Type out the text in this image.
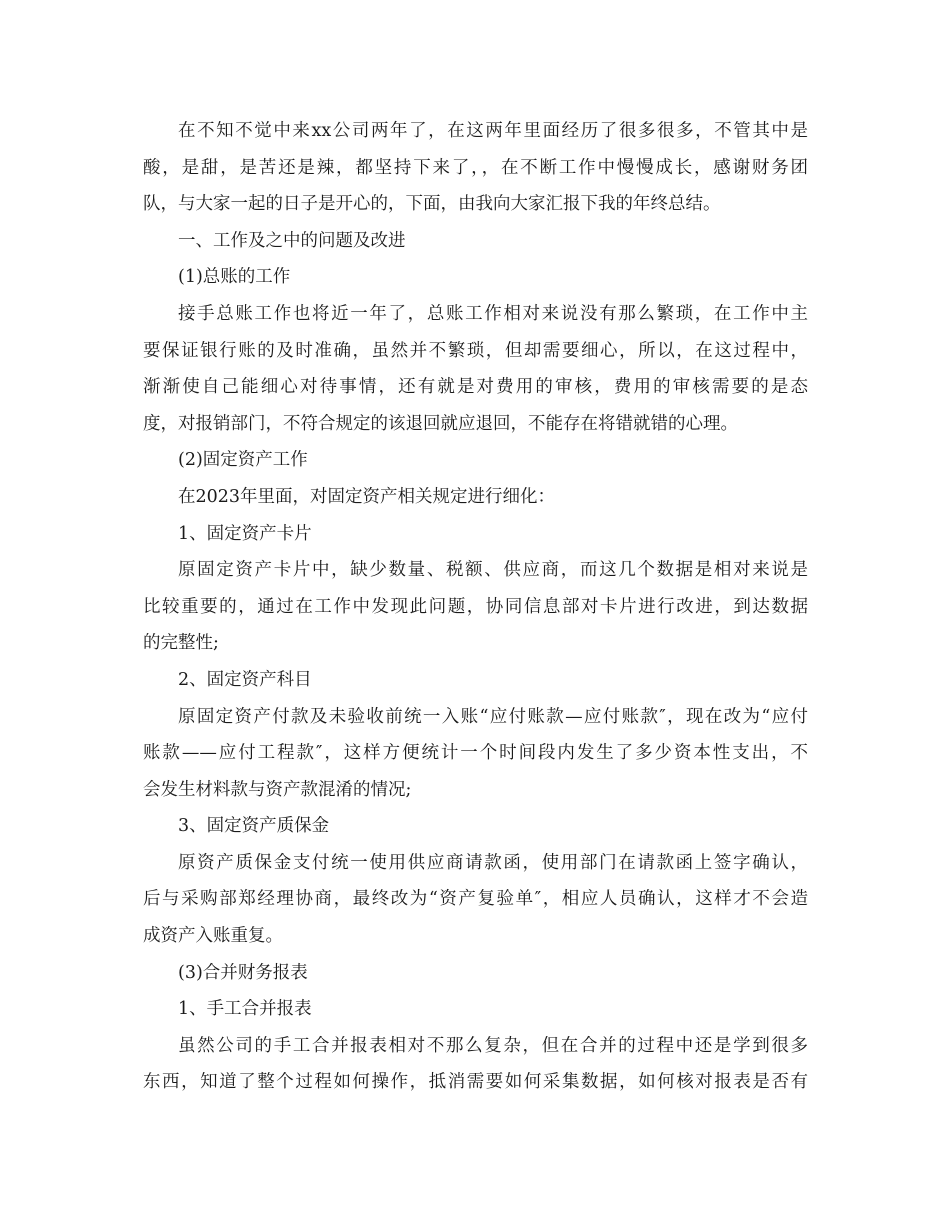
在不知不觉中来xx公司两年了，在这两年里面经历了很多很多，不管其中是
酸，是甜，是苦还是辣，都坚持下来了，，在不断工作中慢慢成长，感谢财务团
队，与大家一起的日子是开心的，下面，由我向大家汇报下我的年终总结。
一、工作及之中的问题及改进
(1)总账的工作
接手总账工作也将近一年了，总账工作相对来说没有那么繁琐，在工作中主
要保证银行账的及时准确，虽然并不繁琐，但却需要细心，所以，在这过程中，
渐渐使自己能细心对待事情，还有就是对费用的审核，费用的审核需要的是态
度，对报销部门，不符合规定的该退回就应退回，不能存在将错就错的心理。
(2)固定资产工作
在2023年里面，对固定资产相关规定进行细化：
1、固定资产卡片
原固定资产卡片中，缺少数量、税额、供应商，而这几个数据是相对来说是
比较重要的，通过在工作中发现此问题，协同信息部对卡片进行改进，到达数据
的完整性;
2、固定资产科目
原固定资产付款及未验收前统一入账“应付账款—应付账款″，现在改为“应付
账款——应付工程款″，这样方便统计一个时间段内发生了多少资本性支出，不
会发生材料款与资产款混淆的情况;
3、固定资产质保金
原资产质保金支付统一使用供应商请款函，使用部门在请款函上签字确认，
后与采购部郑经理协商，最终改为“资产复验单″，相应人员确认，这样才不会造
成资产入账重复。
(3)合并财务报表
1、手工合并报表
虽然公司的手工合并报表相对不那么复杂，但在合并的过程中还是学到很多
东西，知道了整个过程如何操作，抵消需要如何采集数据，如何核对报表是否有
